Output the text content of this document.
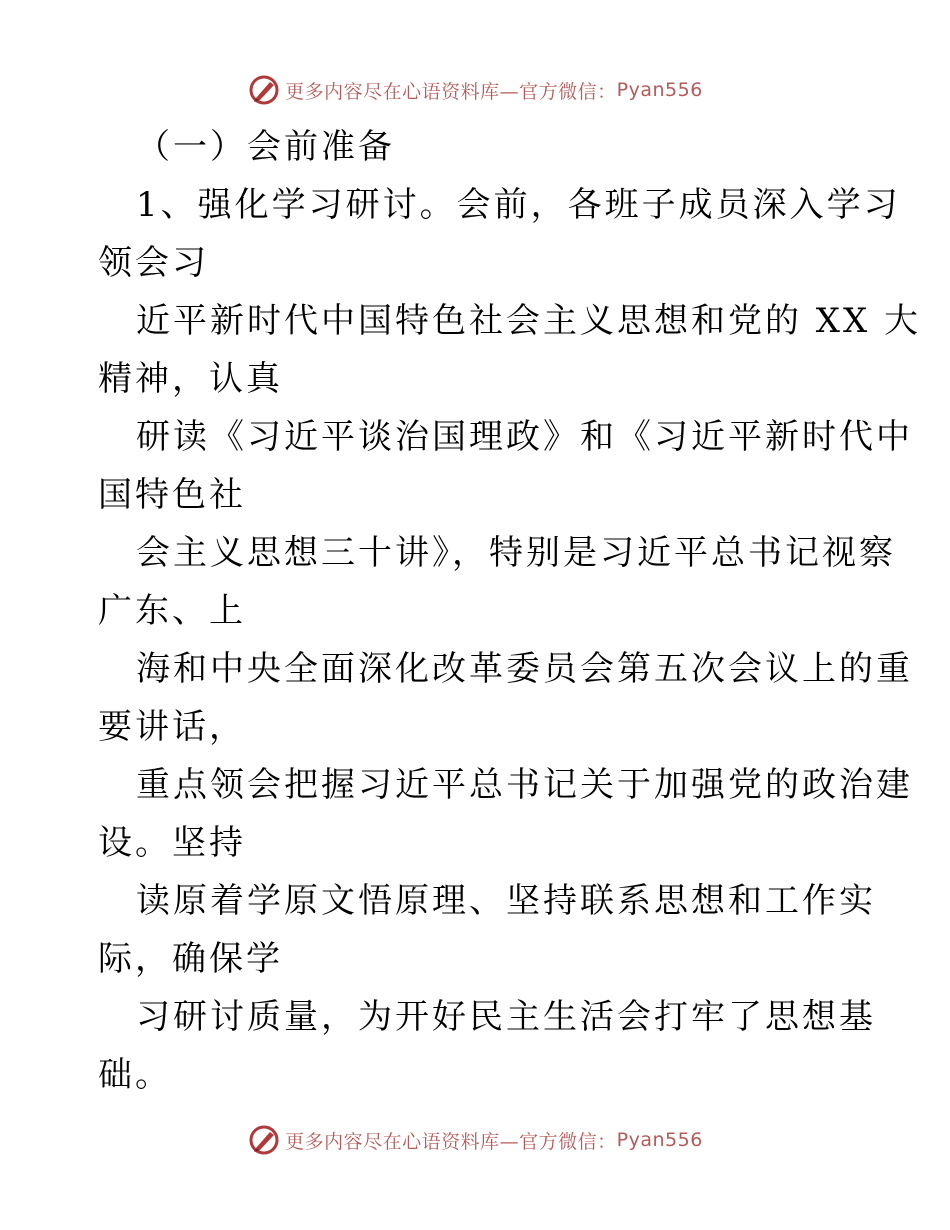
更多内容尽在心语资料库—官方微信： Pyan556
（一）会前准备
1、强化学习研讨。会前，各班子成员深入学习
领会习
近平新时代中国特色社会主义思想和党的 XX 大
精神，认真
研读《习近平谈治国理政》和《习近平新时代中
国特色社
会主义思想三十讲》，特别是习近平总书记视察
广东、上
海和中央全面深化改革委员会第五次会议上的重
要讲话，
重点领会把握习近平总书记关于加强党的政治建
设。坚持
读原着学原文悟原理、坚持联系思想和工作实
际，确保学
习研讨质量，为开好民主生活会打牢了思想基
础。
更多内容尽在心语资料库—官方微信： Pyan556
